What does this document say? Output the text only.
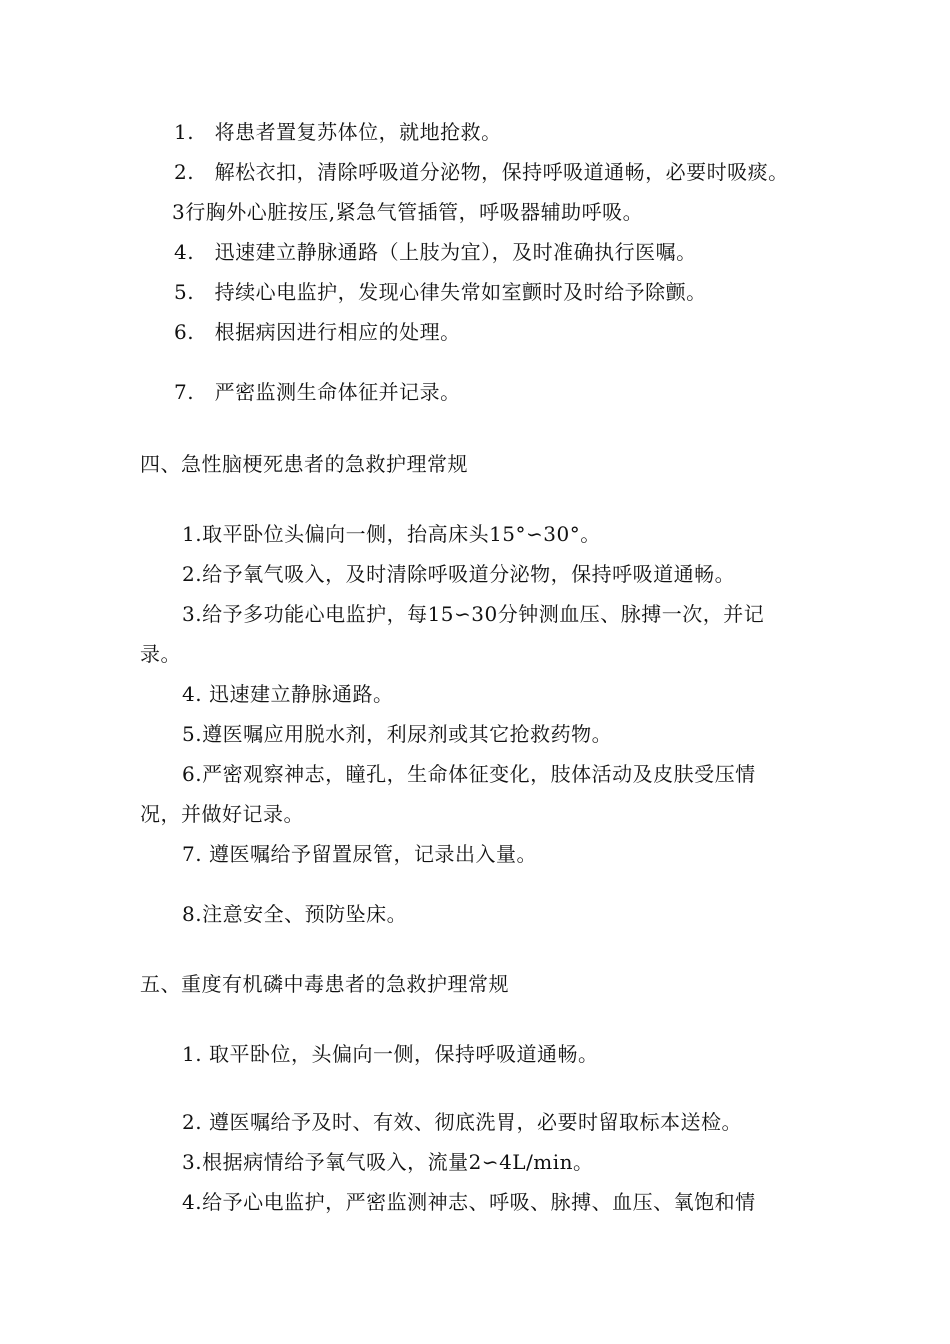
1.　将患者置复苏体位，就地抢救。

2.　解松衣扣，清除呼吸道分泌物，保持呼吸道通畅，必要时吸痰。

3行胸外心脏按压,紧急气管插管，呼吸器辅助呼吸。

4.　迅速建立静脉通路（上肢为宜），及时准确执行医嘱。

5.　持续心电监护，发现心律失常如室颤时及时给予除颤。

6.　根据病因进行相应的处理。

7.　严密监测生命体征并记录。

四、急性脑梗死患者的急救护理常规

1.取平卧位头偏向一侧，抬高床头15°∽30°。

2.给予氧气吸入，及时清除呼吸道分泌物，保持呼吸道通畅。

3.给予多功能心电监护，每15∽30分钟测血压、脉搏一次，并记

录。

4. 迅速建立静脉通路。

5.遵医嘱应用脱水剂，利尿剂或其它抢救药物。

6.严密观察神志，瞳孔，生命体征变化，肢体活动及皮肤受压情

况，并做好记录。

7. 遵医嘱给予留置尿管，记录出入量。

8.注意安全、预防坠床。

五、重度有机磷中毒患者的急救护理常规

1. 取平卧位，头偏向一侧，保持呼吸道通畅。

2. 遵医嘱给予及时、有效、彻底洗胃，必要时留取标本送检。

3.根据病情给予氧气吸入，流量2∽4L/min。

4.给予心电监护，严密监测神志、呼吸、脉搏、血压、氧饱和情
